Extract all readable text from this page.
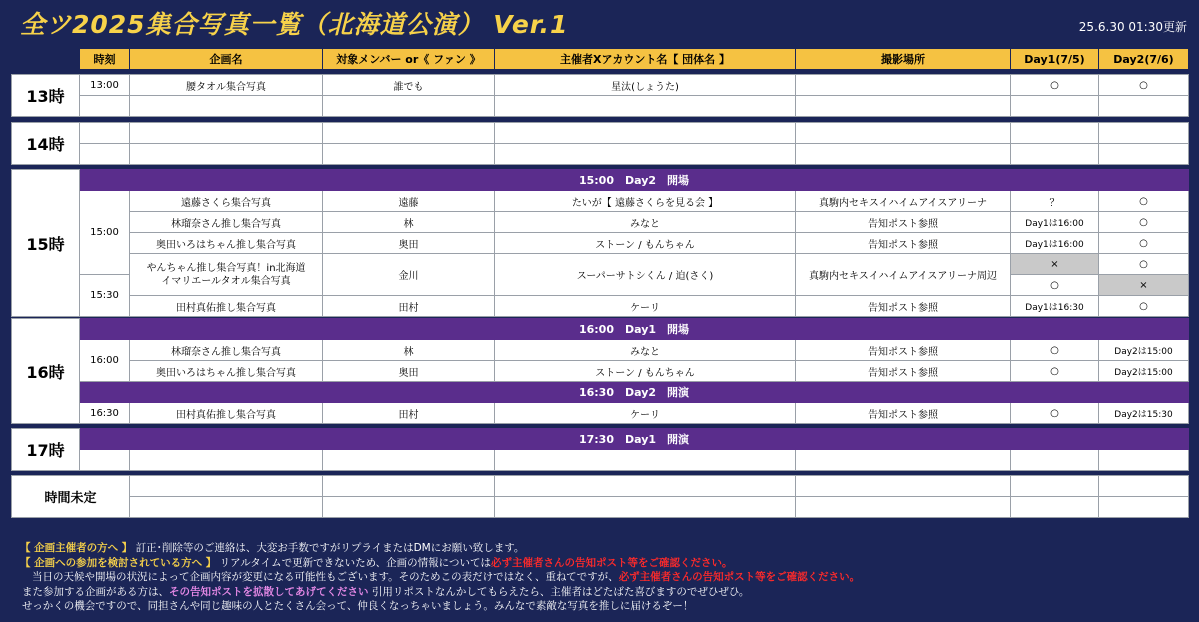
全ツ2025集合写真一覧（北海道公演） Ver.1	25.6.30 01:30更新
	時刻	企画名	対象メンバー or《 ファン 》	主催者Xアカウント名【 団体名 】	撮影場所	Day1(7/5)	Day2(7/6)
13時	13:00	腰タオル集合写真	誰でも	星汰(しょうた)		○	○

14時							

15時	15:00　Day2　開場						
	15:00	遠藤さくら集合写真	遠藤	たいが【 遠藤さくらを見る会 】	真駒内セキスイハイムアイスアリーナ	？	○
		林瑠奈さん推し集合写真	林	みなと	告知ポスト参照	Day1は16:00	○
		奥田いろはちゃん推し集合写真	奥田	ストーン / もんちゃん	告知ポスト参照	Day1は16:00	○
		やんちゃん推し集合写真！in北海道
イマリエールタオル集合写真	金川	スーパーサトシくん / 迫(さく)	真駒内セキスイハイムアイスアリーナ周辺	×	○
	15:30					○	×
		田村真佑推し集合写真	田村	ケーリ	告知ポスト参照	Day1は16:30	○
16時	16:00　Day1　開場						
	16:00	林瑠奈さん推し集合写真	林	みなと	告知ポスト参照	○	Day2は15:00
		奥田いろはちゃん推し集合写真	奥田	ストーン / もんちゃん	告知ポスト参照	○	Day2は15:00
	16:30　Day2　開演						
	16:30	田村真佑推し集合写真	田村	ケーリ	告知ポスト参照	○	Day2は15:30
17時	17:30　Day1　開演						

時間未定						

【 企画主催者の方へ 】 訂正･削除等のご連絡は、大変お手数ですがリプライまたはDMにお願い致します。
【 企画への参加を検討されている方へ 】 リアルタイムで更新できないため、企画の情報については必ず主催者さんの告知ポスト等をご確認ください。
当日の天候や開場の状況によって企画内容が変更になる可能性もございます。そのためこの表だけではなく、重ねてですが、必ず主催者さんの告知ポスト等をご確認ください。
また参加する企画がある方は、その告知ポストを拡散してあげてください 引用リポストなんかしてもらえたら、主催者はどたばた喜びますのでぜひぜひ。
せっかくの機会ですので、同担さんや同じ趣味の人とたくさん会って、仲良くなっちゃいましょう。みんなで素敵な写真を推しに届けるぞー！
